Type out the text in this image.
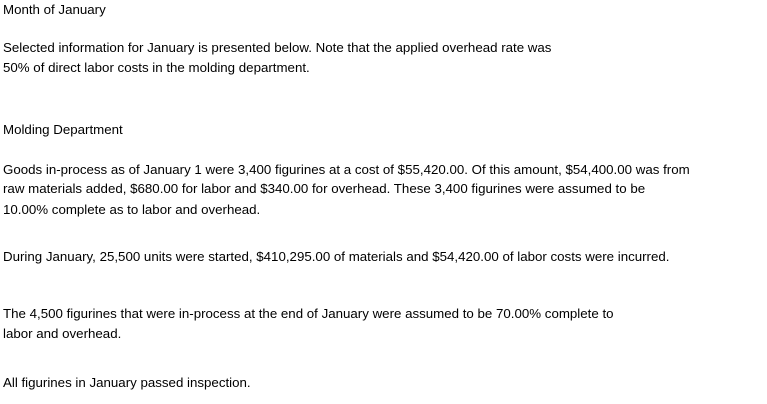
Month of January
Selected information for January is presented below. Note that the applied overhead rate was
50% of direct labor costs in the molding department.
Molding Department
Goods in-process as of January 1 were 3,400 figurines at a cost of $55,420.00. Of this amount, $54,400.00 was from
raw materials added, $680.00 for labor and $340.00 for overhead. These 3,400 figurines were assumed to be
10.00% complete as to labor and overhead.
During January, 25,500 units were started, $410,295.00 of materials and $54,420.00 of labor costs were incurred.
The 4,500 figurines that were in-process at the end of January were assumed to be 70.00% complete to
labor and overhead.
All figurines in January passed inspection.
